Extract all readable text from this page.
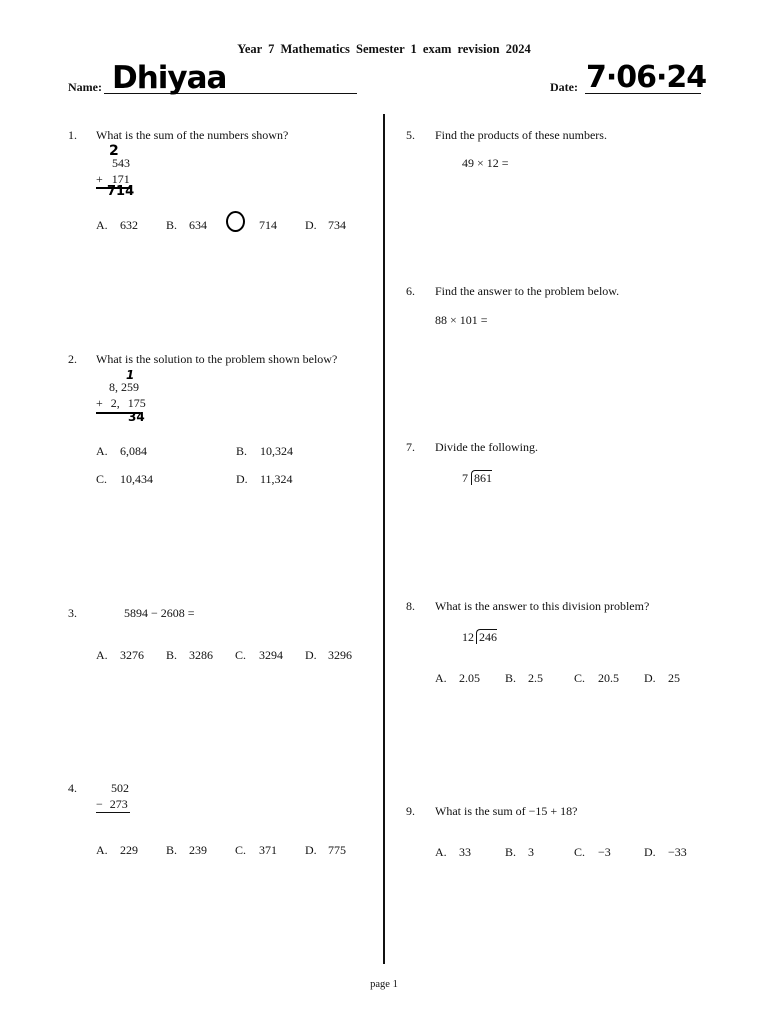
Year 7 Mathematics Semester 1 exam revision 2024
Name: Dhiyaa	Date: 7·06·24
1.	What is the sum of the numbers shown?
2
543
+ 171
714
A. 632 B. 634	714 D. 734
2.	What is the solution to the problem shown below?
1
8, 259
+ 2, 175
34
A. 6,084	B. 10,324
C. 10,434	D. 11,324
3.	5894 − 2608 =
A. 3276 B. 3286 C. 3294 D. 3296
4.	502
− 273
A. 229 B. 239 C. 371 D. 775
5.	Find the products of these numbers.
49 × 12 =
6.	Find the answer to the problem below.
88 × 101 =
7.	Divide the following.
7 861
8.	What is the answer to this division problem?
12 246
A. 2.05 B. 2.5	C. 20.5 D. 25
9.	What is the sum of −15 + 18?
A. 33	B. 3	C. −3	D. −33
page 1
